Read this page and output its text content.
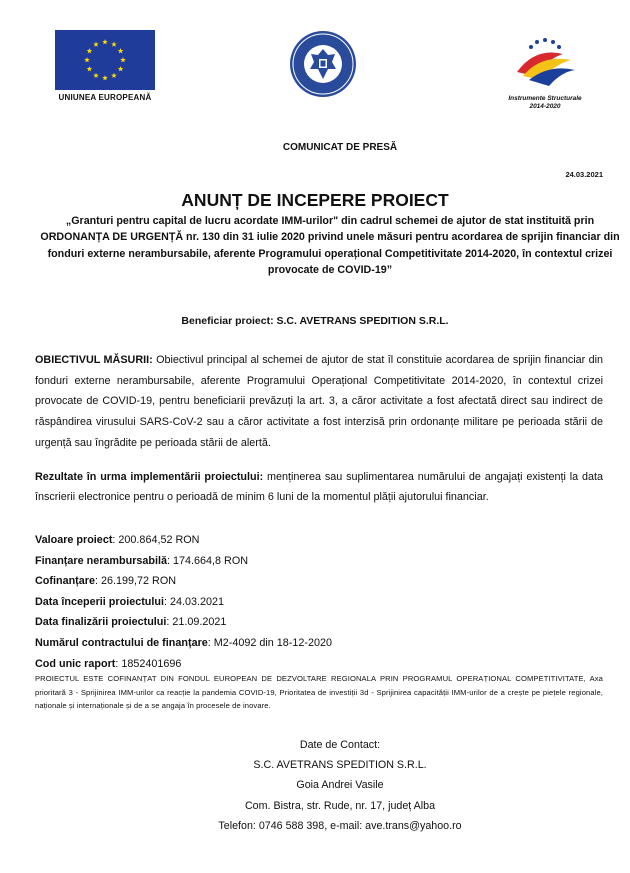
UNIUNEA EUROPEANĂ	Instrumente Structurale
2014-2020
COMUNICAT DE PRESĂ
24.03.2021
ANUNȚ DE INCEPERE PROIECT
„Granturi pentru capital de lucru acordate IMM-urilor" din cadrul schemei de ajutor de stat instituită prin ORDONANȚA DE URGENȚĂ nr. 130 din 31 iulie 2020 privind unele măsuri pentru acordarea de sprijin financiar din fonduri externe nerambursabile, aferente Programului operațional Competitivitate 2014-2020, în contextul crizei provocate de COVID-19”
Beneficiar proiect: S.C. AVETRANS SPEDITION S.R.L.
OBIECTIVUL MĂSURII: Obiectivul principal al schemei de ajutor de stat îl constituie acordarea de sprijin financiar din fonduri externe nerambursabile, aferente Programului Operațional Competitivitate 2014-2020, în contextul crizei provocate de COVID-19, pentru beneficiarii prevăzuți la art. 3, a căror activitate a fost afectată direct sau indirect de răspândirea virusului SARS-CoV-2 sau a căror activitate a fost interzisă prin ordonanțe militare pe perioada stării de urgență sau îngrădite pe perioada stării de alertă.
Rezultate în urma implementării proiectului: menținerea sau suplimentarea numărului de angajați existenți la data înscrierii electronice pentru o perioadă de minim 6 luni de la momentul plății ajutorului financiar.
Valoare proiect: 200.864,52 RON
Finanțare nerambursabilă: 174.664,8 RON
Cofinanțare: 26.199,72 RON
Data începerii proiectului: 24.03.2021
Data finalizării proiectului: 21.09.2021
Numărul contractului de finanțare: M2-4092 din 18-12-2020
Cod unic raport: 1852401696
PROIECTUL ESTE COFINANȚAT DIN FONDUL EUROPEAN DE DEZVOLTARE REGIONALA PRIN PROGRAMUL OPERAȚIONAL COMPETITIVITATE, Axa prioritară 3 - Sprijinirea IMM-urilor ca reacție la pandemia COVID-19, Prioritatea de investiții 3d - Sprijinirea capacității IMM-urilor de a crește pe piețele regionale, naționale și internaționale și de a se angaja în procesele de inovare.
Date de Contact:
S.C. AVETRANS SPEDITION S.R.L.
Goia Andrei Vasile
Com. Bistra, str. Rude, nr. 17, județ Alba
Telefon: 0746 588 398, e-mail: ave.trans@yahoo.ro
